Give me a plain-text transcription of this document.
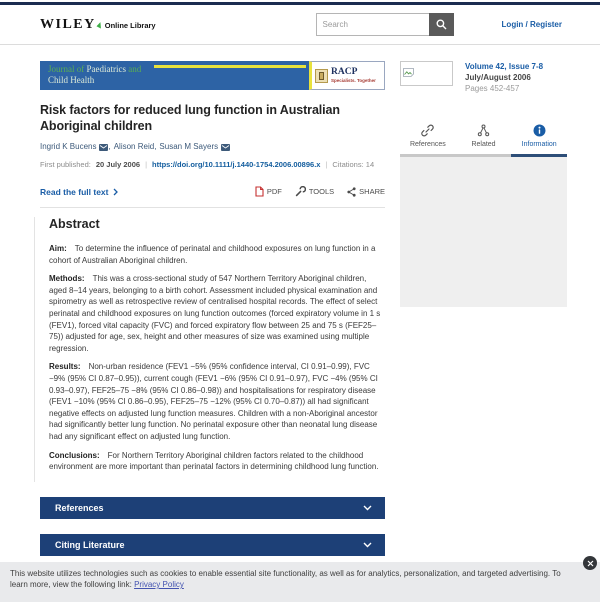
WILEY Online Library
Search	Login / Register
Journal of Paediatrics and
Child Health
RACP
Specialists. Together
Risk factors for reduced lung function in Australian Aboriginal children
Ingrid K Bucens , Alison Reid , Susan M Sayers
First published: 20 July 2006 | https://doi.org/10.1111/j.1440-1754.2006.00896.x | Citations: 14
Read the full text	PDF	TOOLS	SHARE
Abstract

Aim: To determine the influence of perinatal and childhood exposures on lung function in a cohort of Australian Aboriginal children.

Methods: This was a cross-sectional study of 547 Northern Territory Aboriginal children, aged 8–14 years, belonging to a birth cohort. Assessment included physical examination and spirometry as well as retrospective review of centralised hospital records. The effect of select perinatal and childhood exposures on lung function outcomes (forced expiratory volume in 1 s (FEV1), forced vital capacity (FVC) and forced expiratory flow between 25 and 75 s (FEF25–75)) adjusted for age, sex, height and other measures of size was examined using multiple regression.

Results: Non-urban residence (FEV1 −5% (95% confidence interval, CI 0.91–0.99), FVC −9% (95% CI 0.87–0.95)), current cough (FEV1 −6% (95% CI 0.91–0.97), FVC −4% (95% CI 0.93–0.97), FEF25–75 −8% (95% CI 0.86–0.98)) and hospitalisations for respiratory disease (FEV1 −10% (95% CI 0.86–0.95), FEF25–75 −12% (95% CI 0.70–0.87)) all had significant negative effects on adjusted lung function measures. Children with a non-Aboriginal ancestor had significantly better lung function. No perinatal exposure other than neonatal lung disease had any significant effect on adjusted lung function.

Conclusions: For Northern Territory Aboriginal children factors related to the childhood environment are more important than perinatal factors in determining childhood lung function.

References
Citing Literature
Volume 42, Issue 7-8
July/August 2006
Pages 452-457
References	Related	Information
This website utilizes technologies such as cookies to enable essential site functionality, as well as for analytics, personalization, and targeted advertising. To learn more, view the following link: Privacy Policy
